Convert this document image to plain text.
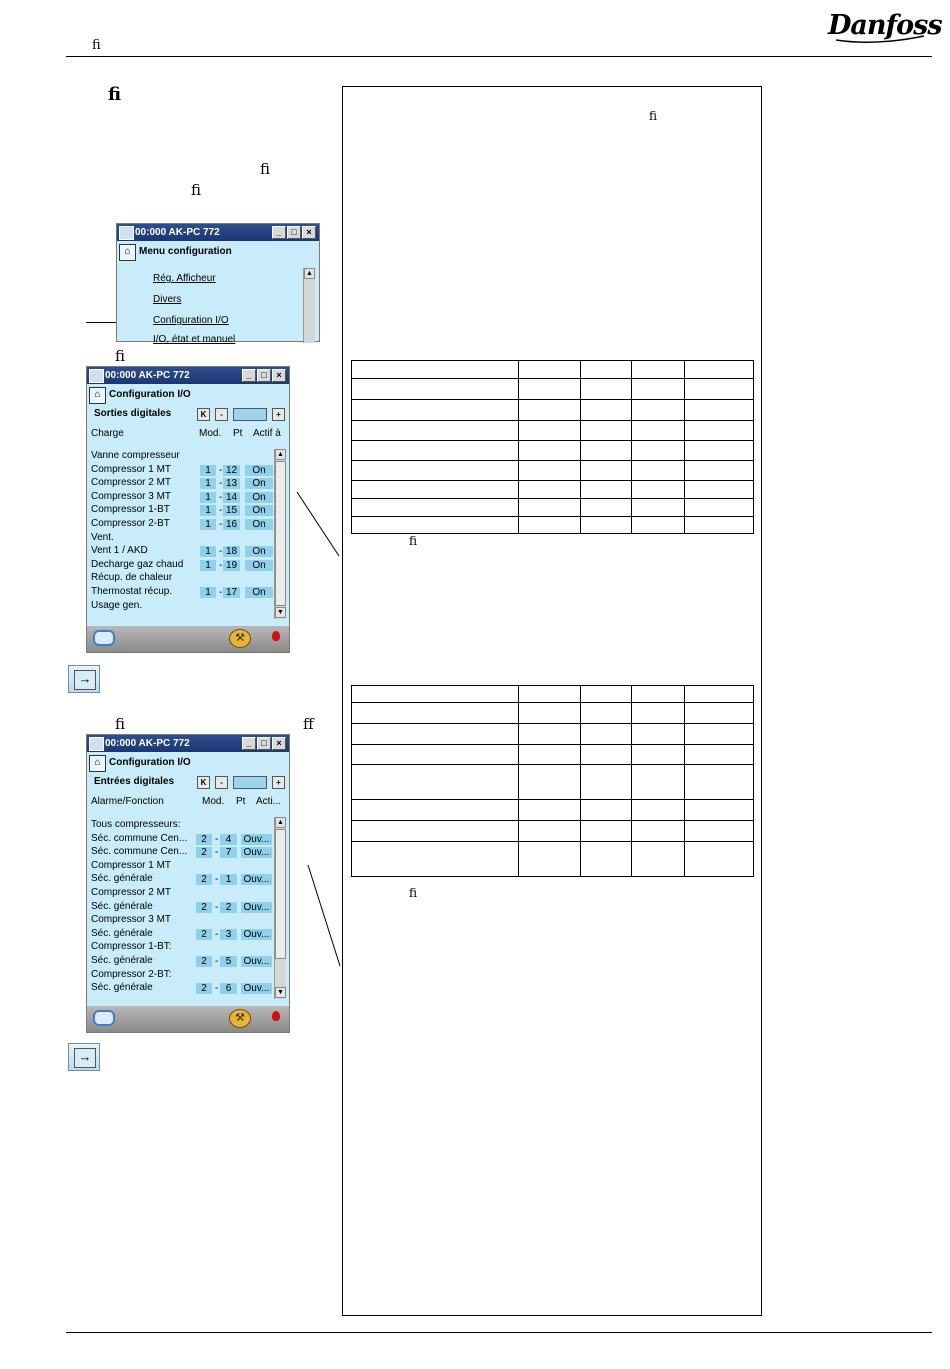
ﬁ
Danfoss
ﬁ
ﬁ
ﬁ
00:000 AK-PC 772	_	□	×
⌂ Menu configuration
Rég. Afficheur
Divers
Configuration I/O
I/O, état et manuel
▲
ﬁ
00:000 AK-PC 772	_	□	×
⌂ Configuration I/O
Sorties digitales	K	-	+
Charge	Mod. Pt Actif à
Vanne compresseur
Compressor 1 MT	1 - 12	On
Compressor 2 MT	1 - 13	On
Compressor 3 MT	1 - 14	On
Compressor 1-BT	1 - 15	On
Compressor 2-BT	1 - 16	On
Vent.
Vent 1 / AKD	1 - 18	On
Decharge gaz chaud	1 - 19	On
Récup. de chaleur
Thermostat récup.	1 - 17	On
Usage gen.
▲
▼
⚒
→
ﬁ	ﬀ
00:000 AK-PC 772	_	□	×
⌂ Configuration I/O
Entrées digitales	K	-	+
Alarme/Fonction	Mod. Pt Acti...
Tous compresseurs:
Séc. commune Cen...	2 - 4	Ouv...
Séc. commune Cen...	2 - 7	Ouv...
Compressor 1 MT
Séc. générale	2 - 1	Ouv...
Compressor 2 MT
Séc. générale	2 - 2	Ouv...
Compressor 3 MT
Séc. générale	2 - 3	Ouv...
Compressor 1-BT:
Séc. générale	2 - 5	Ouv...
Compressor 2-BT:
Séc. générale	2 - 6	Ouv...
▲
▼
⚒
→
ﬁ

ﬁ

ﬁ
